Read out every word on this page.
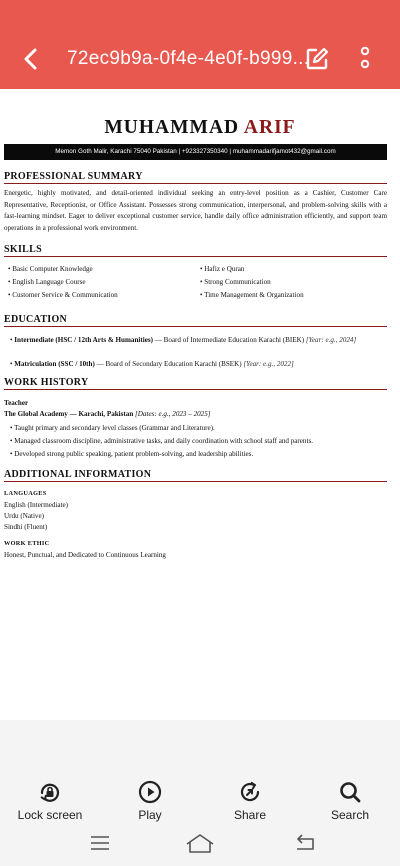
72ec9b9a-0f4e-4e0f-b999...
MUHAMMAD ARIF
Memon Goth Malir, Karachi 75040 Pakistan | +923327350340 | muhammadarifjamot432@gmail.com
PROFESSIONAL SUMMARY
Energetic, highly motivated, and detail-oriented individual seeking an entry-level position as a Cashier, Customer Care Representative, Receptionist, or Office Assistant. Possesses strong communication, interpersonal, and problem-solving skills with a fast-learning mindset. Eager to deliver exceptional customer service, handle daily office administration efficiently, and support team operations in a professional work environment.
SKILLS
• Basic Computer Knowledge
• English Language Course
• Customer Service & Communication
• Hafiz e Quran
• Strong Communication
• Time Management & Organization
EDUCATION
• Intermediate (HSC / 12th Arts & Humanities) — Board of Intermediate Education Karachi (BIEK) [Year: e.g., 2024]
• Matriculation (SSC / 10th) — Board of Secondary Education Karachi (BSEK) [Year: e.g., 2022]
WORK HISTORY
Teacher
The Global Academy — Karachi, Pakistan [Dates: e.g., 2023 – 2025]
• Taught primary and secondary level classes (Grammar and Literature).
• Managed classroom discipline, administrative tasks, and daily coordination with school staff and parents.
• Developed strong public speaking, patient problem-solving, and leadership abilities.
ADDITIONAL INFORMATION
LANGUAGES
English (Intermediate)
Urdu (Native)
Sindhi (Fluent)
WORK ETHIC
Honest, Punctual, and Dedicated to Continuous Learning
Lock screen	Play	Share	Search
